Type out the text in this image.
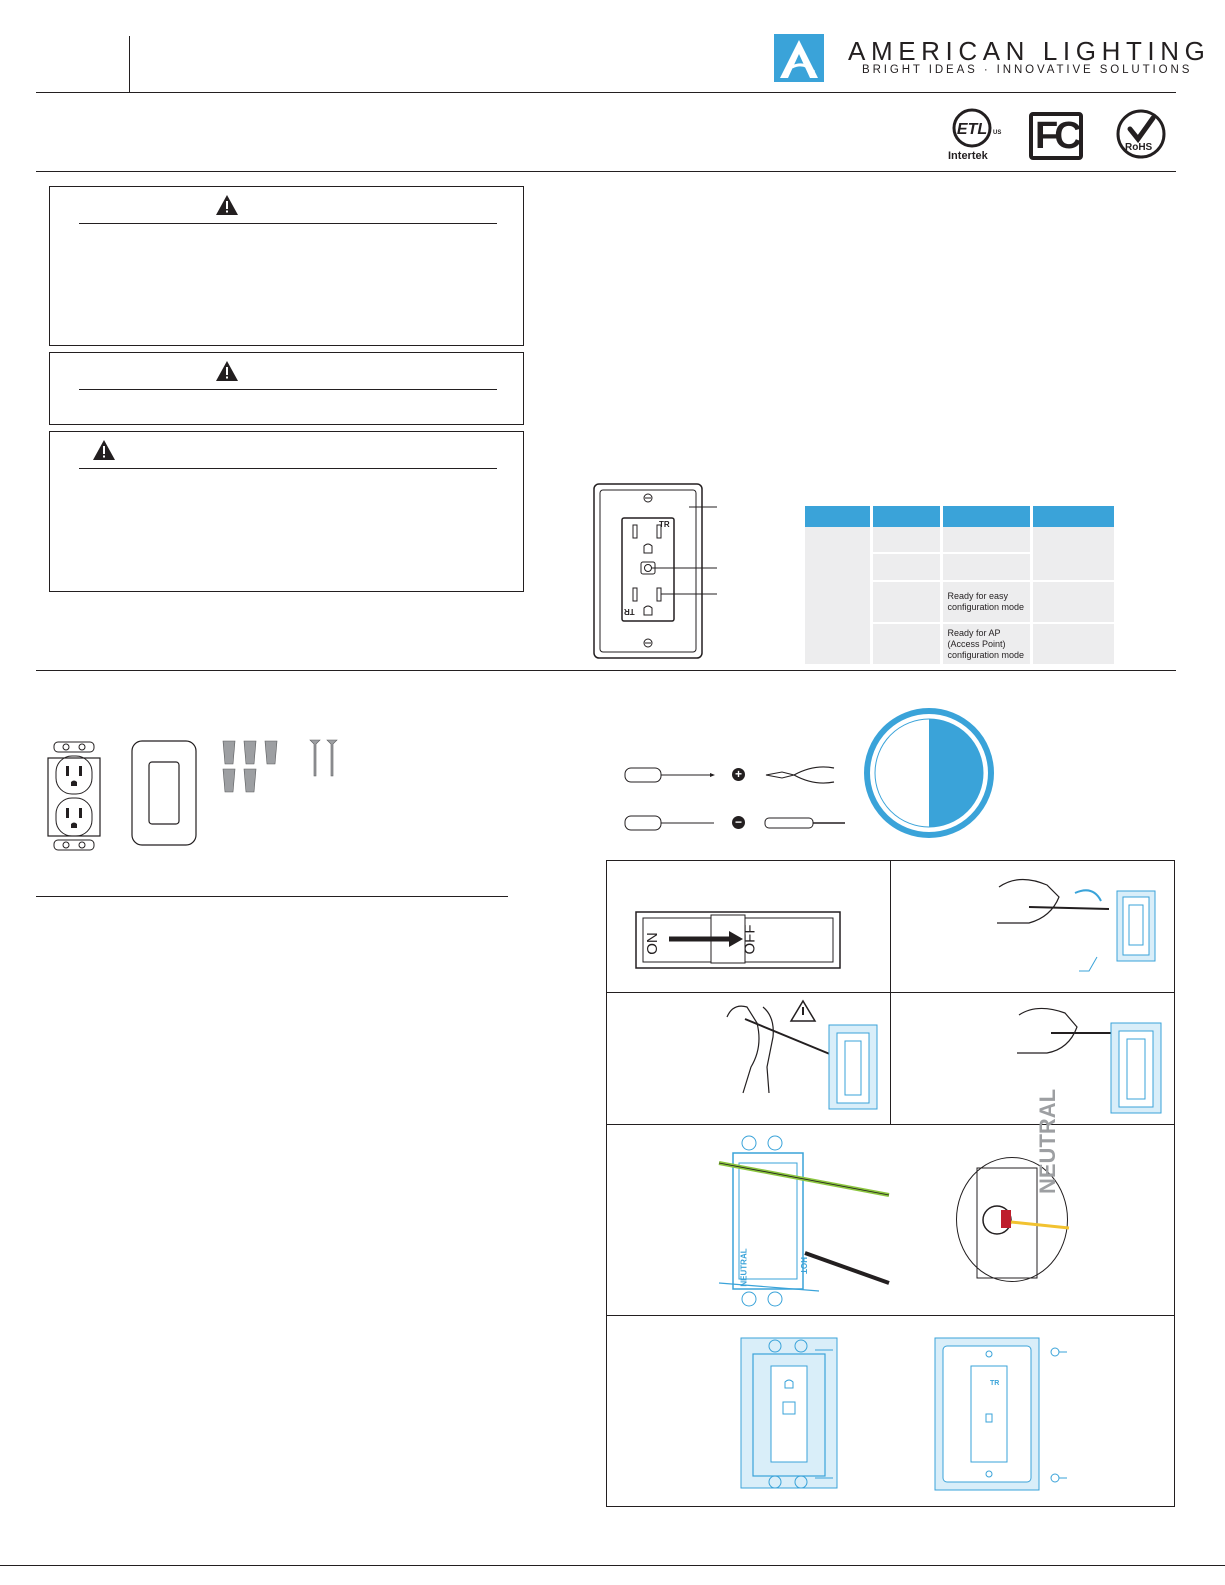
AMERICAN LIGHTING
BRIGHT IDEAS · INNOVATIVE SOLUTIONS
ETL US
Intertek FC	RoHS
TR
TR

		Ready for easy configuration mode	
		Ready for AP (Access Point) configuration mode	
+
−
ON	OFF
NEUTRAL	HOT
NEUTRAL
TR
